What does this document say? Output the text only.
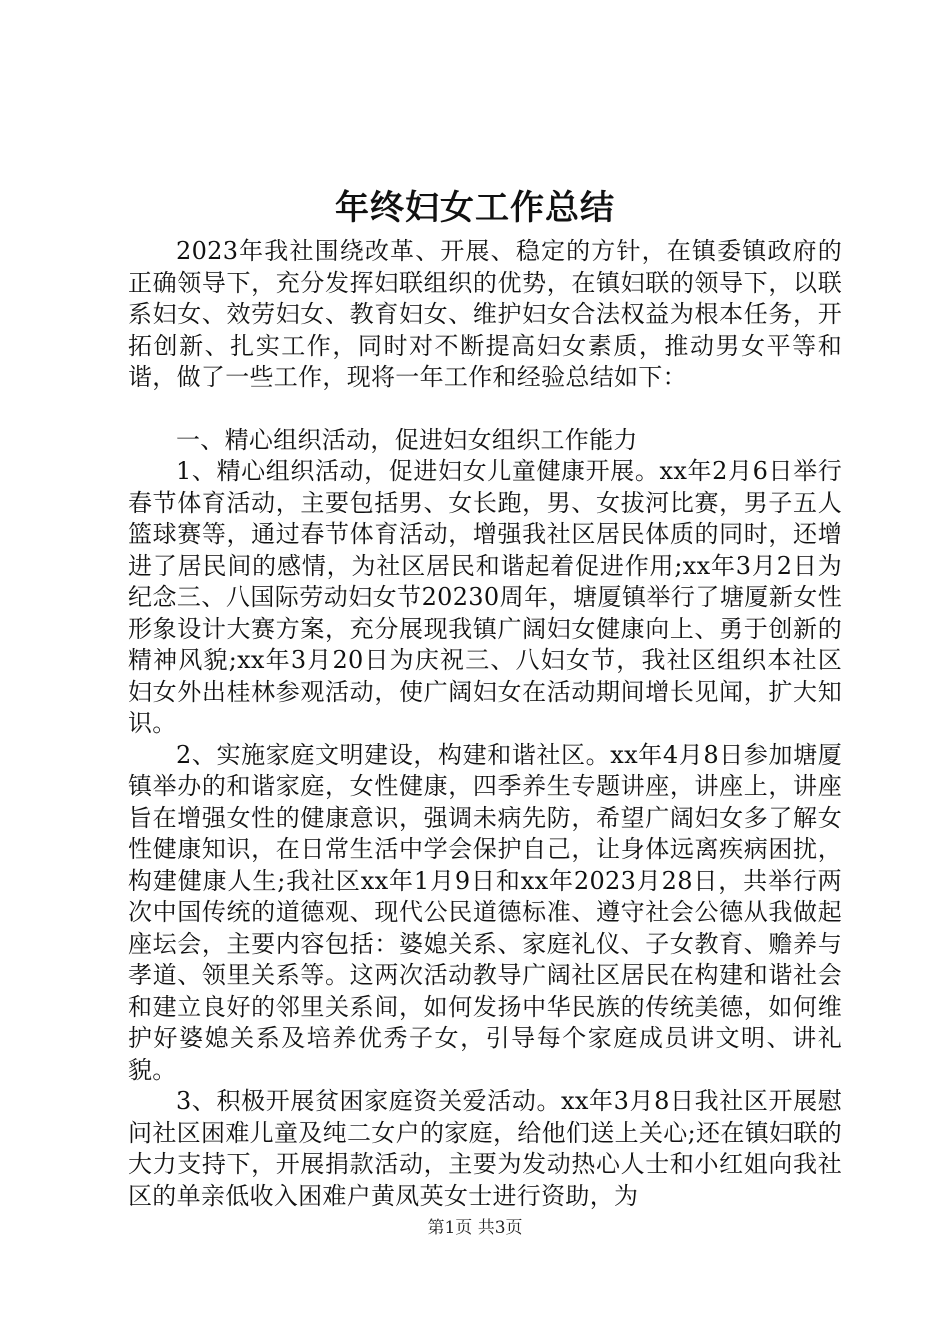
年终妇女工作总结

2023年我社围绕改革、开展、稳定的方针，在镇委镇政府的正确领导下，充分发挥妇联组织的优势，在镇妇联的领导下，以联系妇女、效劳妇女、教育妇女、维护妇女合法权益为根本任务，开拓创新、扎实工作，同时对不断提高妇女素质，推动男女平等和谐，做了一些工作，现将一年工作和经验总结如下：

一、精心组织活动，促进妇女组织工作能力

1、精心组织活动，促进妇女儿童健康开展。xx年2月6日举行春节体育活动，主要包括男、女长跑，男、女拔河比赛，男子五人篮球赛等，通过春节体育活动，增强我社区居民体质的同时，还增进了居民间的感情，为社区居民和谐起着促进作用;xx年3月2日为纪念三、八国际劳动妇女节20230周年，塘厦镇举行了塘厦新女性形象设计大赛方案，充分展现我镇广阔妇女健康向上、勇于创新的精神风貌;xx年3月20日为庆祝三、八妇女节，我社区组织本社区妇女外出桂林参观活动，使广阔妇女在活动期间增长见闻，扩大知识。

2、实施家庭文明建设，构建和谐社区。xx年4月8日参加塘厦镇举办的和谐家庭，女性健康，四季养生专题讲座，讲座上，讲座旨在增强女性的健康意识，强调未病先防，希望广阔妇女多了解女性健康知识，在日常生活中学会保护自己，让身体远离疾病困扰，构建健康人生;我社区xx年1月9日和xx年2023月28日，共举行两次中国传统的道德观、现代公民道德标准、遵守社会公德从我做起座坛会，主要内容包括：婆媳关系、家庭礼仪、子女教育、赡养与孝道、领里关系等。这两次活动教导广阔社区居民在构建和谐社会和建立良好的邻里关系间，如何发扬中华民族的传统美德，如何维护好婆媳关系及培养优秀子女，引导每个家庭成员讲文明、讲礼貌。

3、积极开展贫困家庭资关爱活动。xx年3月8日我社区开展慰问社区困难儿童及纯二女户的家庭，给他们送上关心;还在镇妇联的大力支持下，开展捐款活动，主要为发动热心人士和小红姐向我社区的单亲低收入困难户黄凤英女士进行资助，为

第1页 共3页
